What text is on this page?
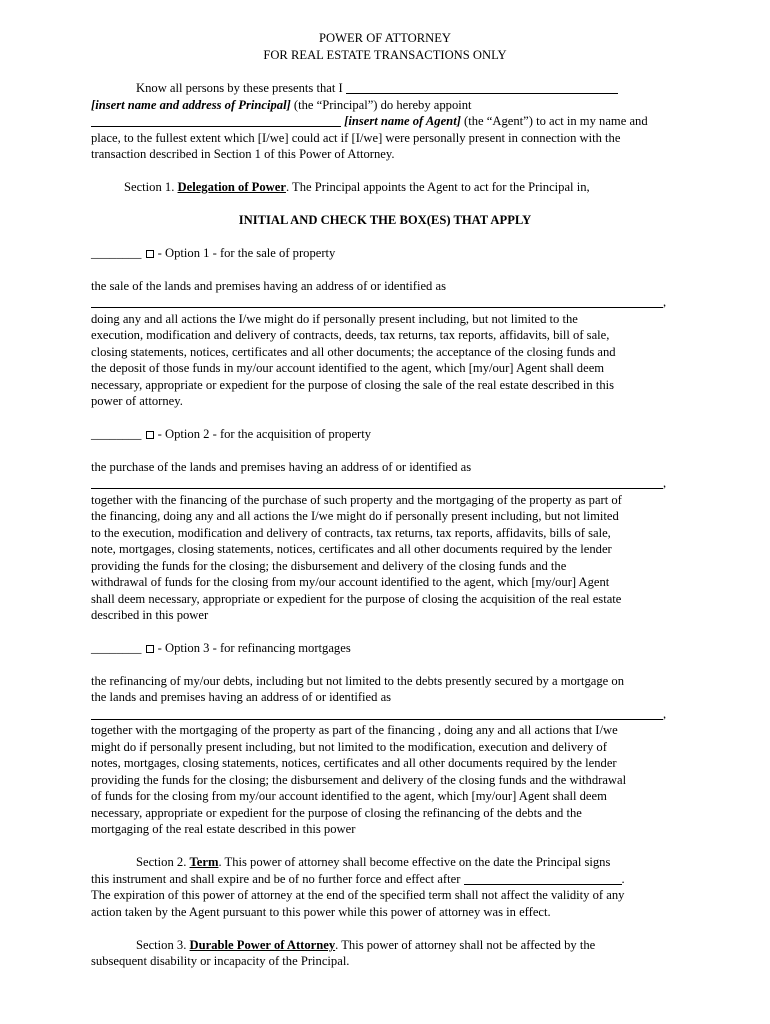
POWER OF ATTORNEY
FOR REAL ESTATE TRANSACTIONS ONLY
Know all persons by these presents that I
[insert name and address of Principal] (the “Principal”) do hereby appoint
[insert name of Agent] (the “Agent”) to act in my name and
place, to the fullest extent which [I/we] could act if [I/we] were personally present in connection with the
transaction described in Section 1 of this Power of Attorney.
Section 1. Delegation of Power. The Principal appoints the Agent to act for the Principal in,
INITIAL AND CHECK THE BOX(ES) THAT APPLY
________  - Option 1 - for the sale of property
the sale of the lands and premises having an address of or identified as
,
doing any and all actions the I/we might do if personally present including, but not limited to the
execution, modification and delivery of contracts, deeds, tax returns, tax reports, affidavits, bill of sale,
closing statements, notices, certificates and all other documents; the acceptance of the closing funds and
the deposit of those funds in my/our account identified to the agent, which [my/our] Agent shall deem
necessary, appropriate or expedient for the purpose of closing the sale of the real estate described in this
power of attorney.
________  - Option 2 - for the acquisition of property
the purchase of the lands and premises having an address of or identified as
,
together with the financing of the purchase of such property and the mortgaging of the property as part of
the financing, doing any and all actions the I/we might do if personally present including, but not limited
to the execution, modification and delivery of contracts, tax returns, tax reports, affidavits, bills of sale,
note, mortgages, closing statements, notices, certificates and all other documents required by the lender
providing the funds for the closing; the disbursement and delivery of the closing funds and the
withdrawal of funds for the closing from my/our account identified to the agent, which [my/our] Agent
shall deem necessary, appropriate or expedient for the purpose of closing the acquisition of the real estate
described in this power
________  - Option 3 - for refinancing mortgages
the refinancing of my/our debts, including but not limited to the debts presently secured by a mortgage on
the lands and premises having an address of or identified as
,
together with the mortgaging of the property as part of the financing , doing any and all actions that I/we
might do if personally present including, but not limited to the modification, execution and delivery of
notes, mortgages, closing statements, notices, certificates and all other documents required by the lender
providing the funds for the closing; the disbursement and delivery of the closing funds and the withdrawal
of funds for the closing from my/our account identified to the agent, which [my/our] Agent shall deem
necessary, appropriate or expedient for the purpose of closing the refinancing of the debts and the
mortgaging of the real estate described in this power
Section 2. Term. This power of attorney shall become effective on the date the Principal signs
this instrument and shall expire and be of no further force and effect after	.
The expiration of this power of attorney at the end of the specified term shall not affect the validity of any
action taken by the Agent pursuant to this power while this power of attorney was in effect.
Section 3. Durable Power of Attorney. This power of attorney shall not be affected by the
subsequent disability or incapacity of the Principal.
